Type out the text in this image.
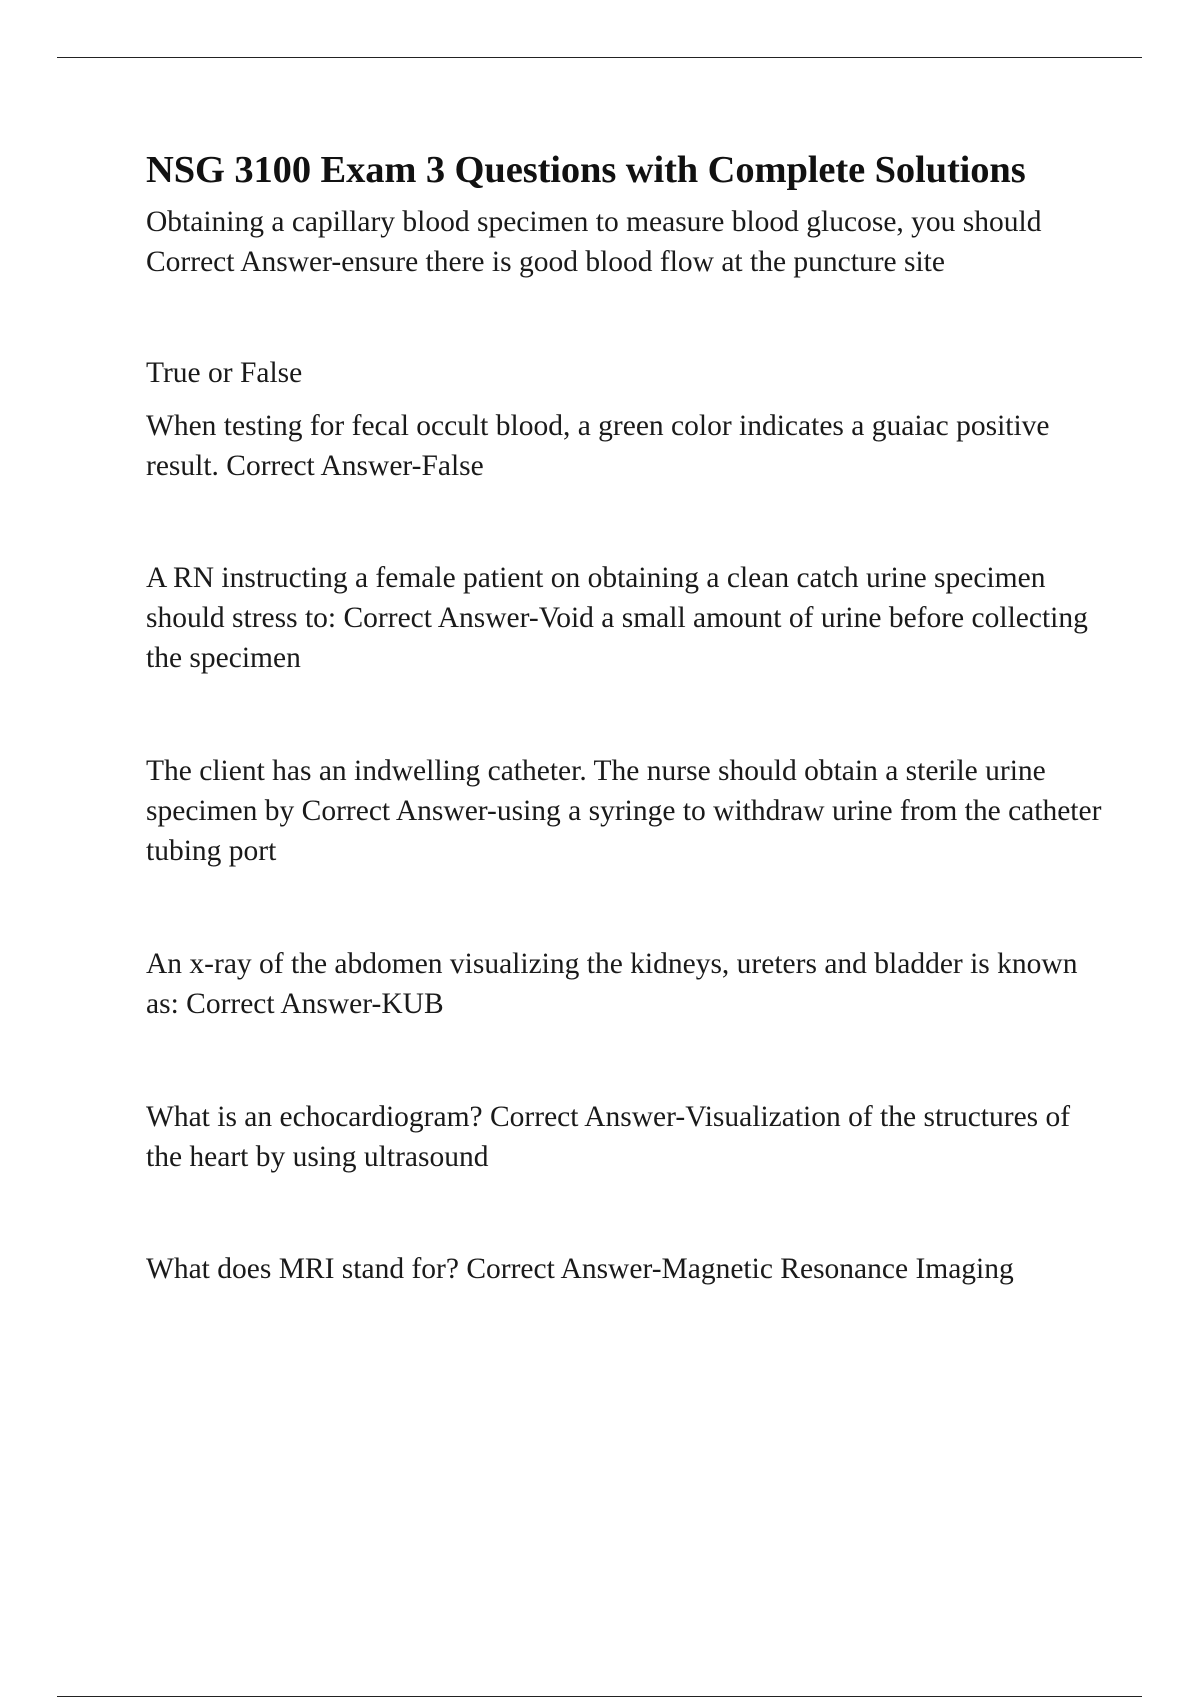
NSG 3100 Exam 3 Questions with Complete Solutions

Obtaining a capillary blood specimen to measure blood glucose, you should Correct Answer-ensure there is good blood flow at the puncture site

True or False

When testing for fecal occult blood, a green color indicates a guaiac positive result. Correct Answer-False

A RN instructing a female patient on obtaining a clean catch urine specimen should stress to: Correct Answer-Void a small amount of urine before collecting the specimen

The client has an indwelling catheter. The nurse should obtain a sterile urine specimen by Correct Answer-using a syringe to withdraw urine from the catheter tubing port

An x-ray of the abdomen visualizing the kidneys, ureters and bladder is known as: Correct Answer-KUB

What is an echocardiogram? Correct Answer-Visualization of the structures of the heart by using ultrasound

What does MRI stand for? Correct Answer-Magnetic Resonance Imaging
